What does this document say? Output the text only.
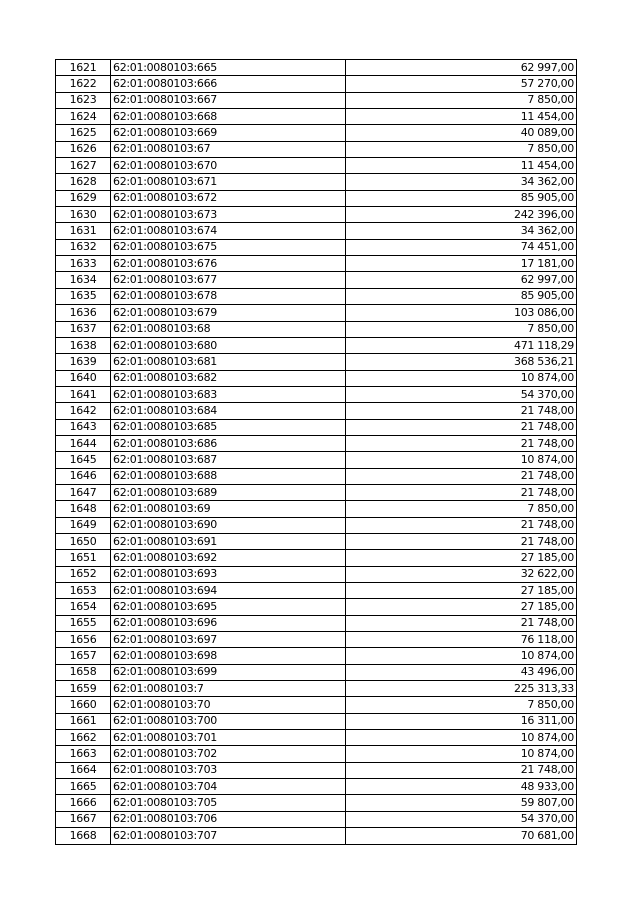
1621	62:01:0080103:665	62 997,00
1622	62:01:0080103:666	57 270,00
1623	62:01:0080103:667	7 850,00
1624	62:01:0080103:668	11 454,00
1625	62:01:0080103:669	40 089,00
1626	62:01:0080103:67	7 850,00
1627	62:01:0080103:670	11 454,00
1628	62:01:0080103:671	34 362,00
1629	62:01:0080103:672	85 905,00
1630	62:01:0080103:673	242 396,00
1631	62:01:0080103:674	34 362,00
1632	62:01:0080103:675	74 451,00
1633	62:01:0080103:676	17 181,00
1634	62:01:0080103:677	62 997,00
1635	62:01:0080103:678	85 905,00
1636	62:01:0080103:679	103 086,00
1637	62:01:0080103:68	7 850,00
1638	62:01:0080103:680	471 118,29
1639	62:01:0080103:681	368 536,21
1640	62:01:0080103:682	10 874,00
1641	62:01:0080103:683	54 370,00
1642	62:01:0080103:684	21 748,00
1643	62:01:0080103:685	21 748,00
1644	62:01:0080103:686	21 748,00
1645	62:01:0080103:687	10 874,00
1646	62:01:0080103:688	21 748,00
1647	62:01:0080103:689	21 748,00
1648	62:01:0080103:69	7 850,00
1649	62:01:0080103:690	21 748,00
1650	62:01:0080103:691	21 748,00
1651	62:01:0080103:692	27 185,00
1652	62:01:0080103:693	32 622,00
1653	62:01:0080103:694	27 185,00
1654	62:01:0080103:695	27 185,00
1655	62:01:0080103:696	21 748,00
1656	62:01:0080103:697	76 118,00
1657	62:01:0080103:698	10 874,00
1658	62:01:0080103:699	43 496,00
1659	62:01:0080103:7	225 313,33
1660	62:01:0080103:70	7 850,00
1661	62:01:0080103:700	16 311,00
1662	62:01:0080103:701	10 874,00
1663	62:01:0080103:702	10 874,00
1664	62:01:0080103:703	21 748,00
1665	62:01:0080103:704	48 933,00
1666	62:01:0080103:705	59 807,00
1667	62:01:0080103:706	54 370,00
1668	62:01:0080103:707	70 681,00
